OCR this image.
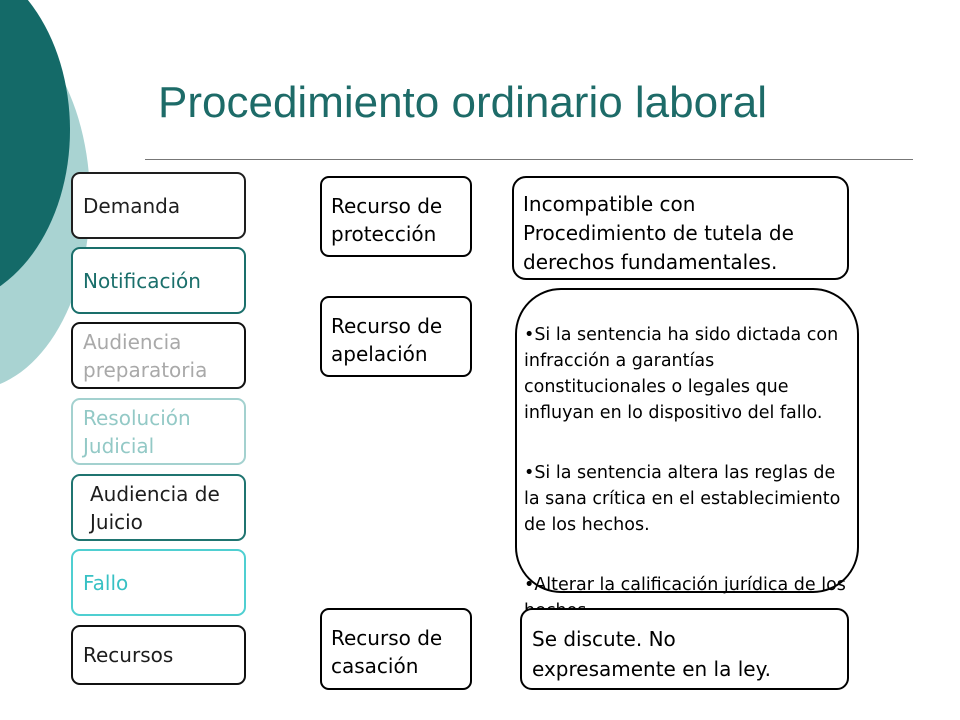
Procedimiento ordinario laboral
Demanda
Notificación
Audiencia
preparatoria
Resolución
Judicial
Audiencia de
Juicio
Fallo
Recursos
Recurso de
protección
Recurso de
apelación
Recurso de
casación
Incompatible con
Procedimiento de tutela de
derechos fundamentales.

•Si la sentencia ha sido dictada con infracción a garantías constitucionales o legales que influyan en lo dispositivo del fallo.

•Si la sentencia altera las reglas de la sana crítica en el establecimiento de los hechos.

•Alterar la calificación jurídica de los

Se discute. No
expresamente en la ley.
